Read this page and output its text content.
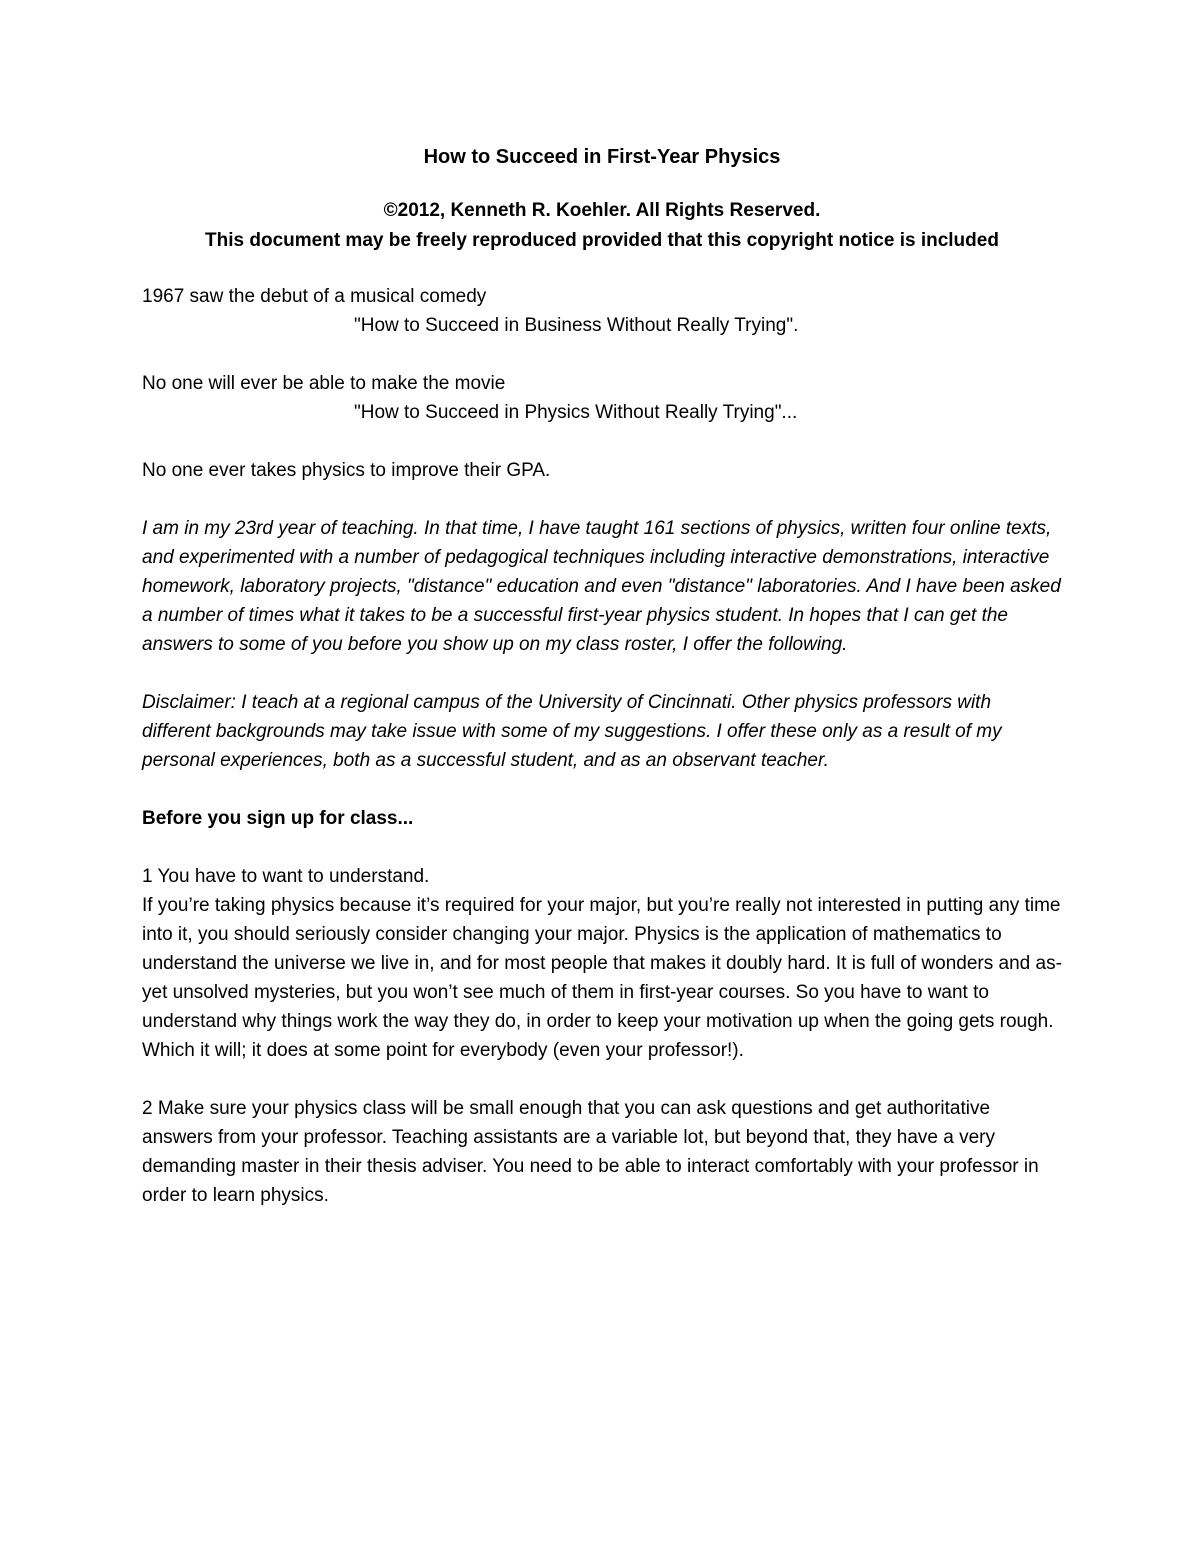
How to Succeed in First-Year Physics
©2012, Kenneth R. Koehler. All Rights Reserved.
This document may be freely reproduced provided that this copyright notice is included
1967 saw the debut of a musical comedy
"How to Succeed in Business Without Really Trying".
No one will ever be able to make the movie
"How to Succeed in Physics Without Really Trying"...

No one ever takes physics to improve their GPA.

I am in my 23rd year of teaching. In that time, I have taught 161 sections of physics, written four online texts, and experimented with a number of pedagogical techniques including interactive demonstrations, interactive homework, laboratory projects, "distance" education and even "distance" laboratories. And I have been asked a number of times what it takes to be a successful first-year physics student. In hopes that I can get the answers to some of you before you show up on my class roster, I offer the following.

Disclaimer: I teach at a regional campus of the University of Cincinnati. Other physics professors with different backgrounds may take issue with some of my suggestions. I offer these only as a result of my personal experiences, both as a successful student, and as an observant teacher.

Before you sign up for class...
1 You have to want to understand.
If you’re taking physics because it’s required for your major, but you’re really not interested in putting any time into it, you should seriously consider changing your major. Physics is the application of mathematics to understand the universe we live in, and for most people that makes it doubly hard. It is full of wonders and as-yet unsolved mysteries, but you won’t see much of them in first-year courses. So you have to want to understand why things work the way they do, in order to keep your motivation up when the going gets rough. Which it will; it does at some point for everybody (even your professor!).

2 Make sure your physics class will be small enough that you can ask questions and get authoritative answers from your professor. Teaching assistants are a variable lot, but beyond that, they have a very demanding master in their thesis adviser. You need to be able to interact comfortably with your professor in order to learn physics.
